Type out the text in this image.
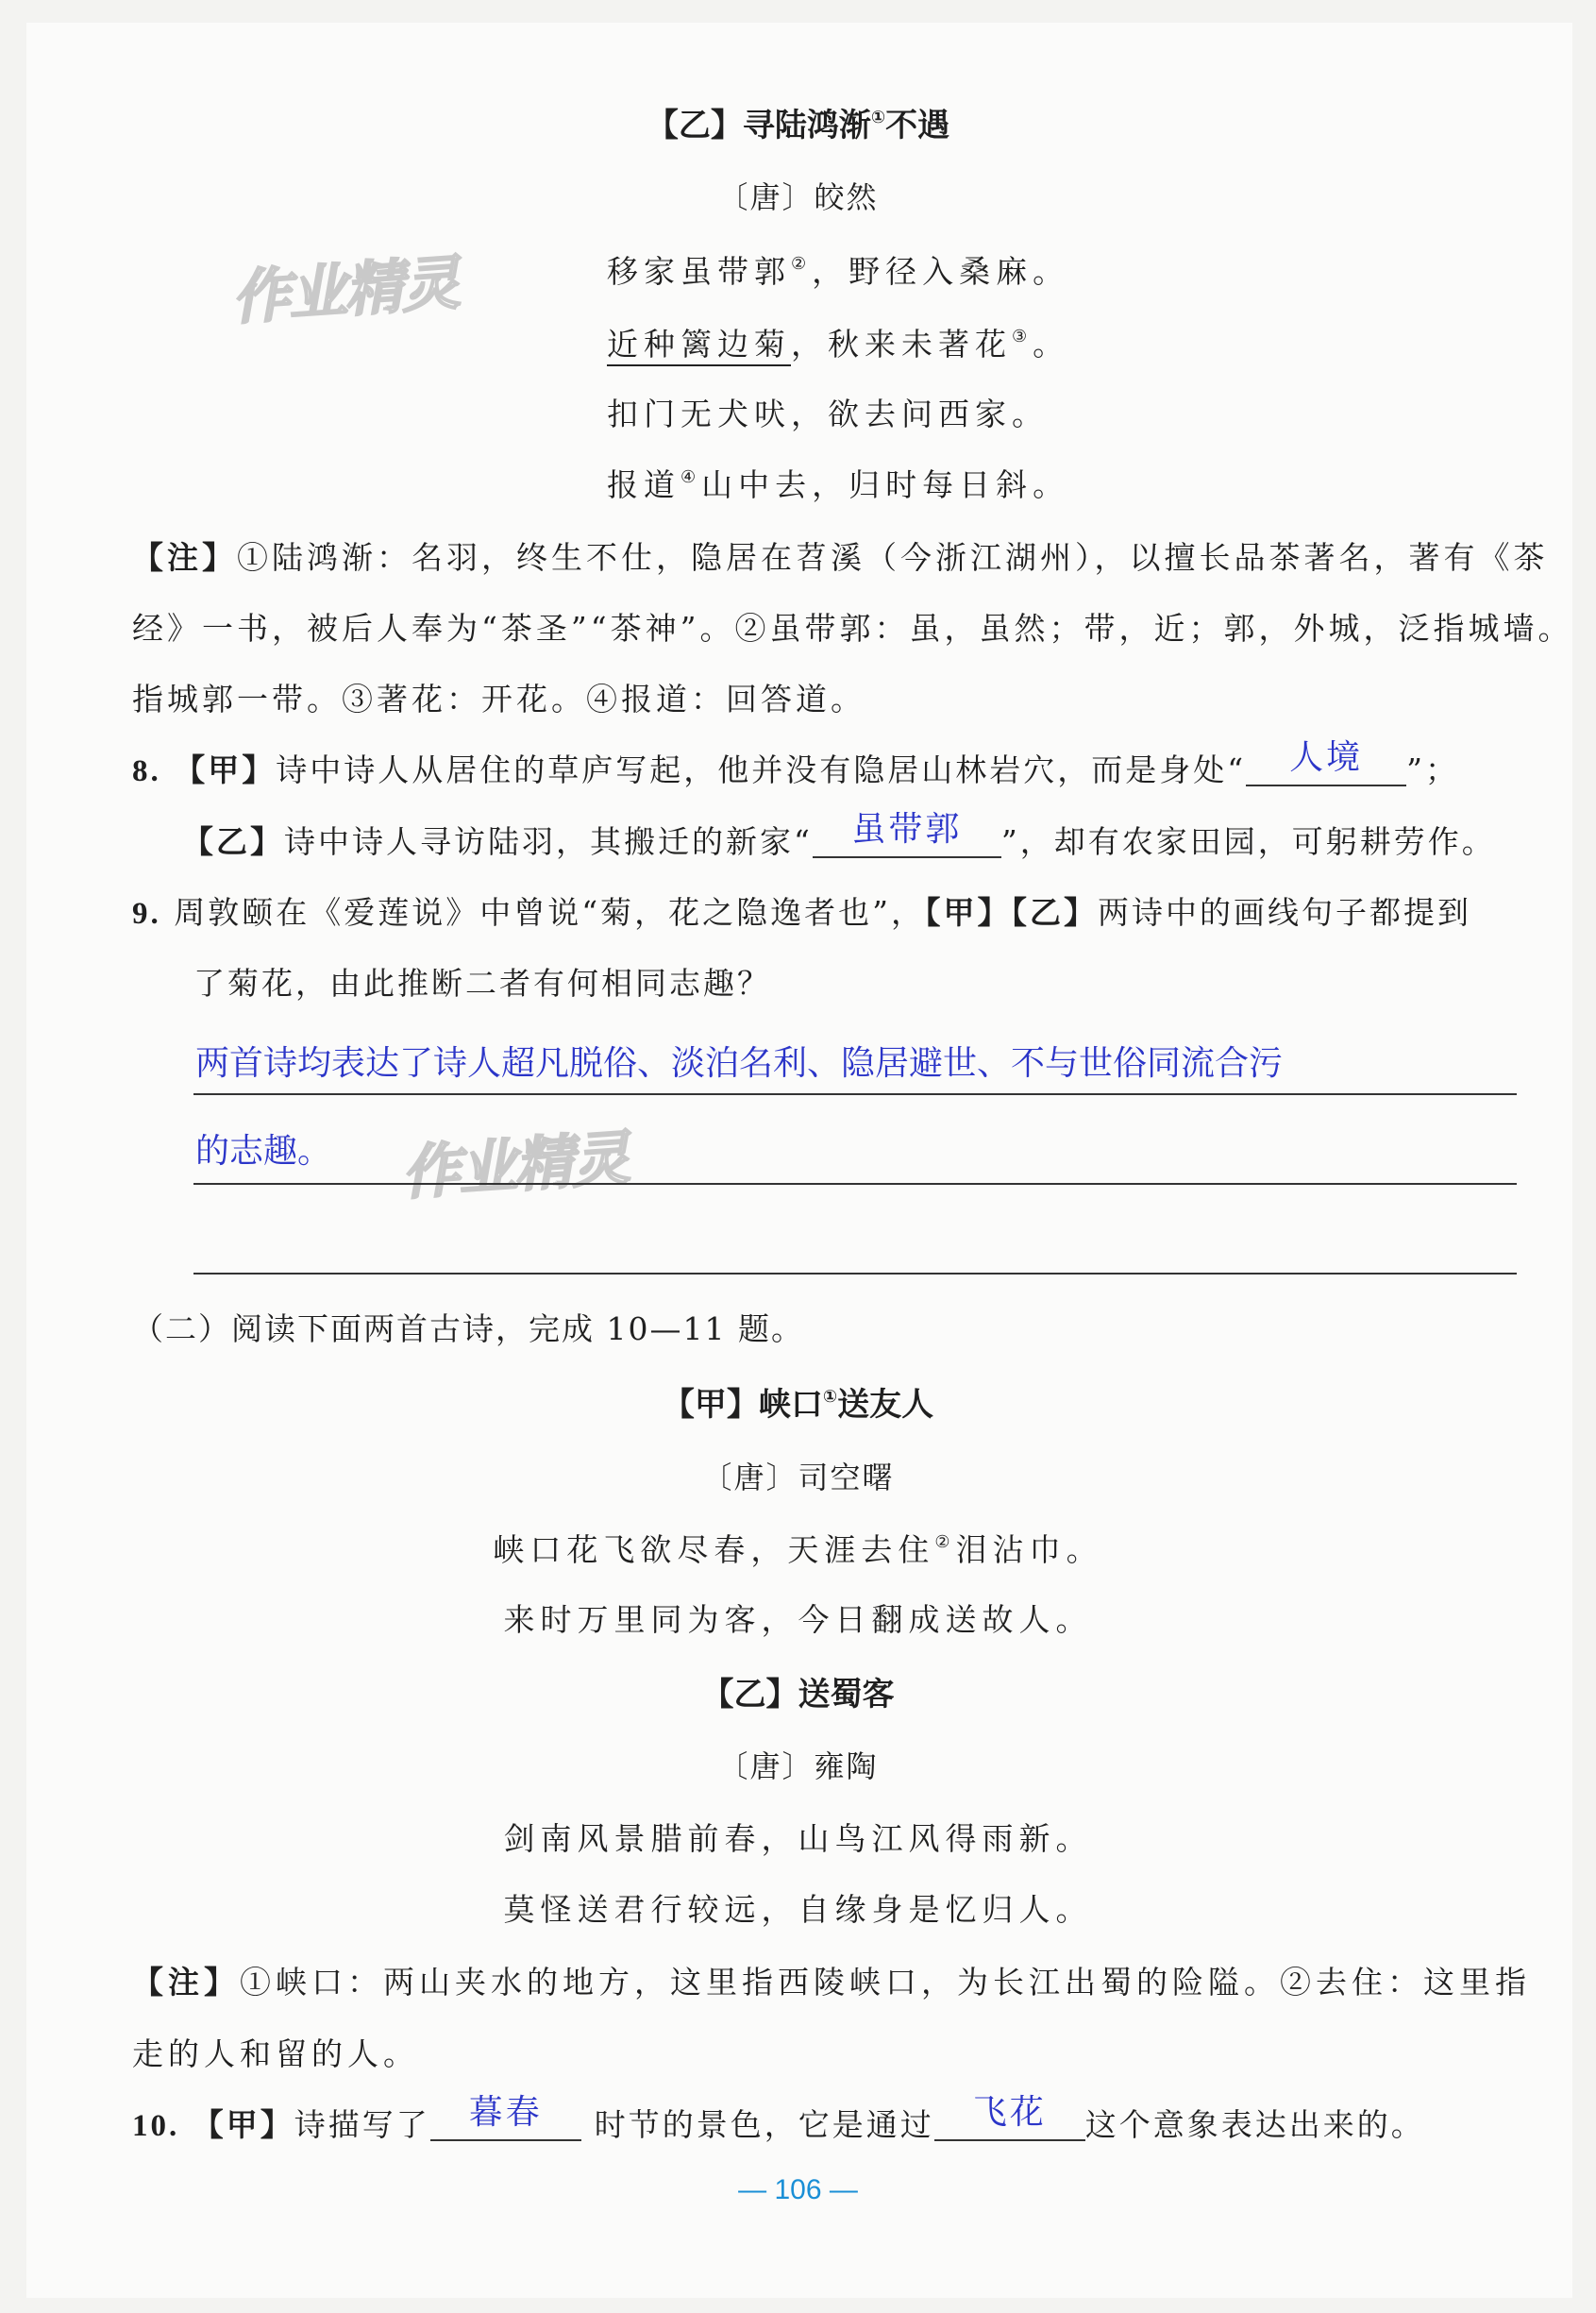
作业精灵
作业精灵
【乙】寻陆鸿渐①不遇
〔唐〕皎然
移家虽带郭②，野径入桑麻。
近种篱边菊，秋来未著花③。
扣门无犬吠，欲去问西家。
报道④山中去，归时每日斜。
【注】①陆鸿渐：名羽，终生不仕，隐居在苕溪（今浙江湖州），以擅长品茶著名，著有《茶
经》一书，被后人奉为“茶圣”“茶神”。②虽带郭：虽，虽然；带，近；郭，外城，泛指城墙。
指城郭一带。③著花：开花。④报道：回答道。
8. 【甲】诗中诗人从居住的草庐写起，他并没有隐居山林岩穴，而是身处“	人境	”；
【乙】诗中诗人寻访陆羽，其搬迁的新家“	虽带郭	”，却有农家田园，可躬耕劳作。
9. 周敦颐在《爱莲说》中曾说“菊，花之隐逸者也”，【甲】【乙】两诗中的画线句子都提到
了菊花，由此推断二者有何相同志趣？
两首诗均表达了诗人超凡脱俗、淡泊名利、隐居避世、不与世俗同流合污
的志趣。
（二）阅读下面两首古诗，完成 10—11 题。
【甲】峡口①送友人
〔唐〕司空曙
峡口花飞欲尽春，天涯去住②泪沾巾。
来时万里同为客，今日翻成送故人。
【乙】送蜀客
〔唐〕雍陶
剑南风景腊前春，山鸟江风得雨新。
莫怪送君行较远，自缘身是忆归人。
【注】①峡口：两山夹水的地方，这里指西陵峡口，为长江出蜀的险隘。②去住：这里指
走的人和留的人。
10. 【甲】诗描写了	暮春	时节的景色，它是通过	飞花	这个意象表达出来的。
— 106 —
